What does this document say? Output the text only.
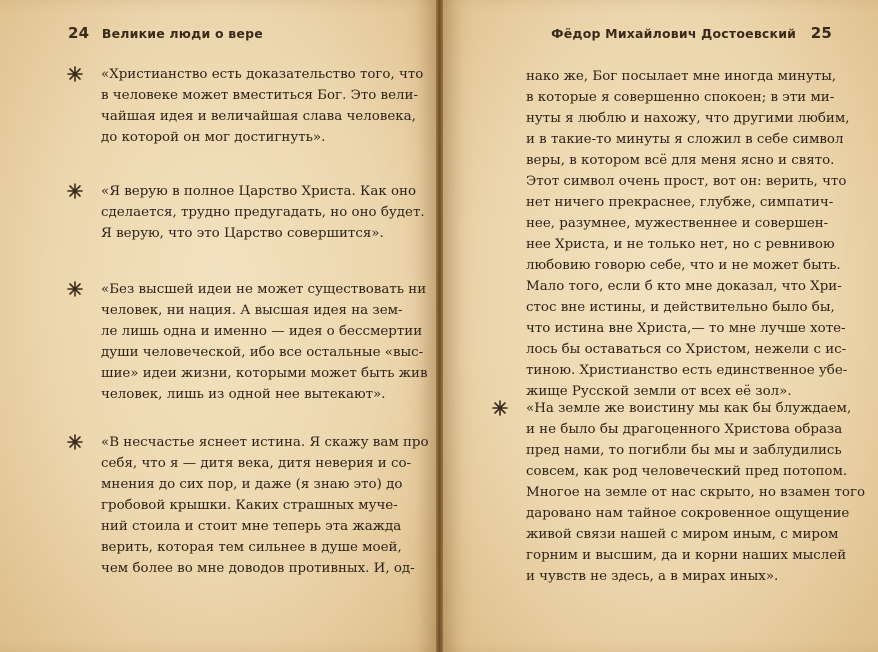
24 Великие люди о вере
«Христианство есть доказательство того, что
в человеке может вместиться Бог. Это вели-
чайшая идея и величайшая слава человека,
до которой он мог достигнуть».
«Я верую в полное Царство Христа. Как оно
сделается, трудно предугадать, но оно будет.
Я верую, что это Царство совершится».
«Без высшей идеи не может существовать ни
человек, ни нация. А высшая идея на зем-
ле лишь одна и именно — идея о бессмертии
души человеческой, ибо все остальные «выс-
шие» идеи жизни, которыми может быть жив
человек, лишь из одной нее вытекают».
«В несчастье яснеет истина. Я скажу вам про
себя, что я — дитя века, дитя неверия и со-
мнения до сих пор, и даже (я знаю это) до
гробовой крышки. Каких страшных муче-
ний стоила и стоит мне теперь эта жажда
верить, которая тем сильнее в душе моей,
чем более во мне доводов противных. И, од-
Фёдор Михайлович Достоевский 25
нако же, Бог посылает мне иногда минуты,
в которые я совершенно спокоен; в эти ми-
нуты я люблю и нахожу, что другими любим,
и в такие-то минуты я сложил в себе символ
веры, в котором всё для меня ясно и свято.
Этот символ очень прост, вот он: верить, что
нет ничего прекраснее, глубже, симпатич-
нее, разумнее, мужественнее и совершен-
нее Христа, и не только нет, но с ревнивою
любовию говорю себе, что и не может быть.
Мало того, если б кто мне доказал, что Хри-
стос вне истины, и действительно было бы,
что истина вне Христа,— то мне лучше хоте-
лось бы оставаться со Христом, нежели с ис-
тиною. Христианство есть единственное убе-
жище Русской земли от всех её зол».
«На земле же воистину мы как бы блуждаем,
и не было бы драгоценного Христова образа
пред нами, то погибли бы мы и заблудились
совсем, как род человеческий пред потопом.
Многое на земле от нас скрыто, но взамен того
даровано нам тайное сокровенное ощущение
живой связи нашей с миром иным, с миром
горним и высшим, да и корни наших мыслей
и чувств не здесь, а в мирах иных».
